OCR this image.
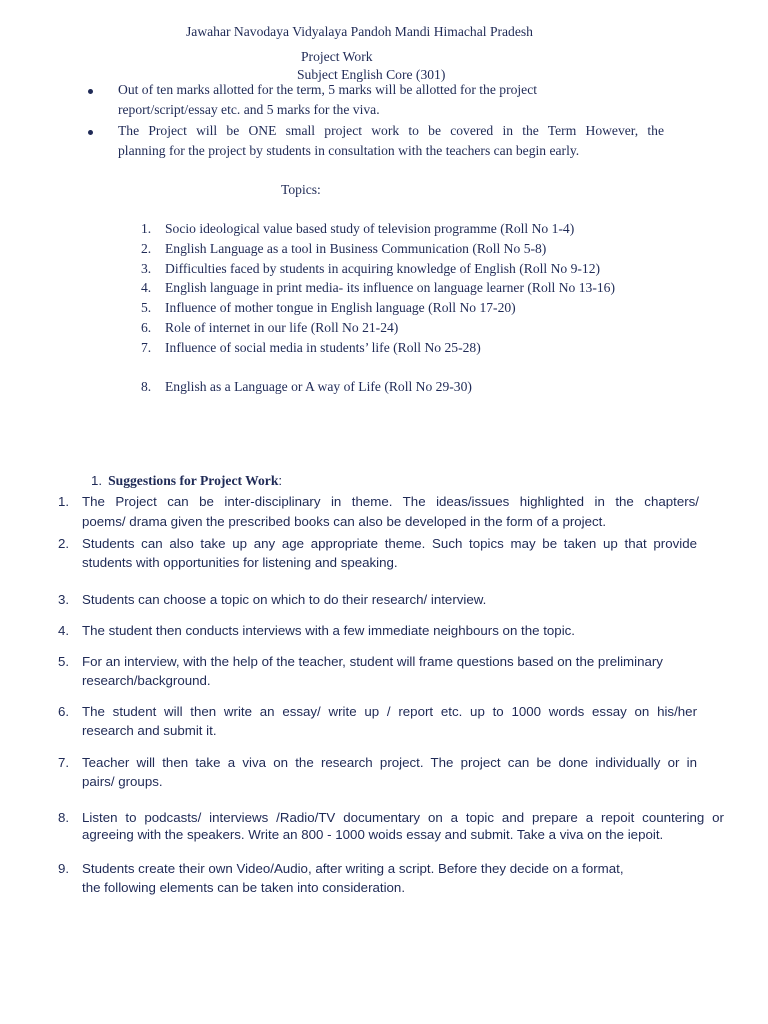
Jawahar Navodaya Vidyalaya Pandoh Mandi Himachal Pradesh
Project Work
Subject English Core (301)
Out of ten marks allotted for the term, 5 marks will be allotted for the project
report/script/essay etc. and 5 marks for the viva.
The Project will be ONE small project work to be covered in the Term However, the
planning for the project by students in consultation with the teachers can begin early.
Topics:
1. Socio ideological value based study of television programme (Roll No 1-4)
2. English Language as a tool in Business Communication (Roll No 5-8)
3. Difficulties faced by students in acquiring knowledge of English (Roll No 9-12)
4. English language in print media- its influence on language learner (Roll No 13-16)
5. Influence of mother tongue in English language (Roll No 17-20)
6. Role of internet in our life (Roll No 21-24)
7. Influence of social media in students’ life (Roll No 25-28)
8. English as a Language or A way of Life (Roll No 29-30)
1. Suggestions for Project Work:
1. The Project can be inter-disciplinary in theme. The ideas/issues highlighted in the chapters/
poems/ drama given the prescribed books can also be developed in the form of a project.
2. Students can also take up any age appropriate theme. Such topics may be taken up that provide
students with opportunities for listening and speaking.
3. Students can choose a topic on which to do their research/ interview.
4. The student then conducts interviews with a few immediate neighbours on the topic.
5. For an interview, with the help of the teacher, student will frame questions based on the preliminary
research/background.
6. The student will then write an essay/ write up / report etc. up to 1000 words essay on his/her
research and submit it.
7. Teacher will then take a viva on the research project. The project can be done individually or in
pairs/ groups.
8. Listen to podcasts/ interviews /Radio/TV documentary on a topic and prepare a repoit countering or
agreeing with the speakers. Write an 800 - 1000 woids essay and submit. Take a viva on the iepoit.
9. Students create their own Video/Audio, after writing a script. Before they decide on a format,
the following elements can be taken into consideration.
